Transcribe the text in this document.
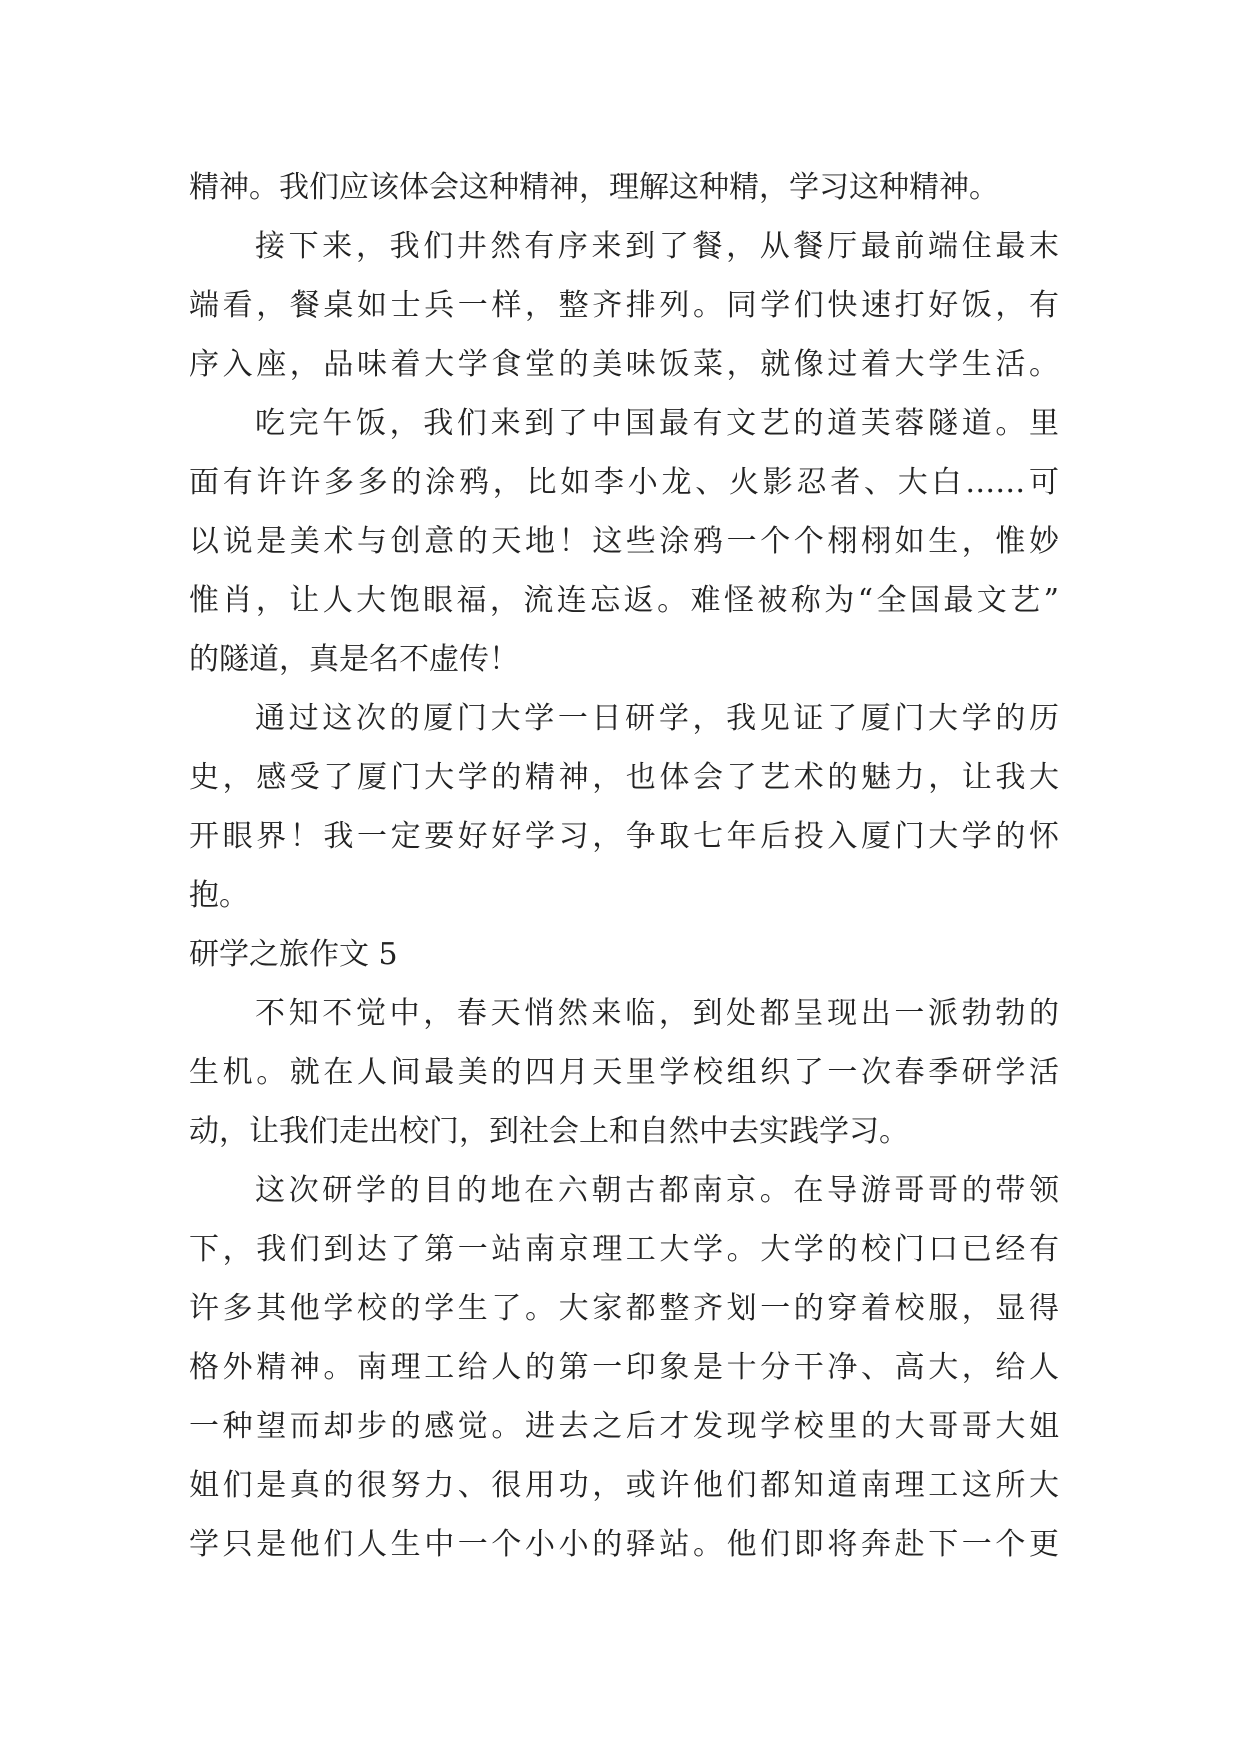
精神。我们应该体会这种精神，理解这种精，学习这种精神。
接下来，我们井然有序来到了餐，从餐厅最前端住最末
端看，餐桌如士兵一样，整齐排列。同学们快速打好饭，有
序入座，品味着大学食堂的美味饭菜，就像过着大学生活。
吃完午饭，我们来到了中国最有文艺的道芙蓉隧道。里
面有许许多多的涂鸦，比如李小龙、火影忍者、大白……可
以说是美术与创意的天地！这些涂鸦一个个栩栩如生，惟妙
惟肖，让人大饱眼福，流连忘返。难怪被称为“全国最文艺”
的隧道，真是名不虚传！
通过这次的厦门大学一日研学，我见证了厦门大学的历
史，感受了厦门大学的精神，也体会了艺术的魅力，让我大
开眼界！我一定要好好学习，争取七年后投入厦门大学的怀
抱。
研学之旅作文 5
不知不觉中，春天悄然来临，到处都呈现出一派勃勃的
生机。就在人间最美的四月天里学校组织了一次春季研学活
动，让我们走出校门，到社会上和自然中去实践学习。
这次研学的目的地在六朝古都南京。在导游哥哥的带领
下，我们到达了第一站南京理工大学。大学的校门口已经有
许多其他学校的学生了。大家都整齐划一的穿着校服，显得
格外精神。南理工给人的第一印象是十分干净、高大，给人
一种望而却步的感觉。进去之后才发现学校里的大哥哥大姐
姐们是真的很努力、很用功，或许他们都知道南理工这所大
学只是他们人生中一个小小的驿站。他们即将奔赴下一个更
